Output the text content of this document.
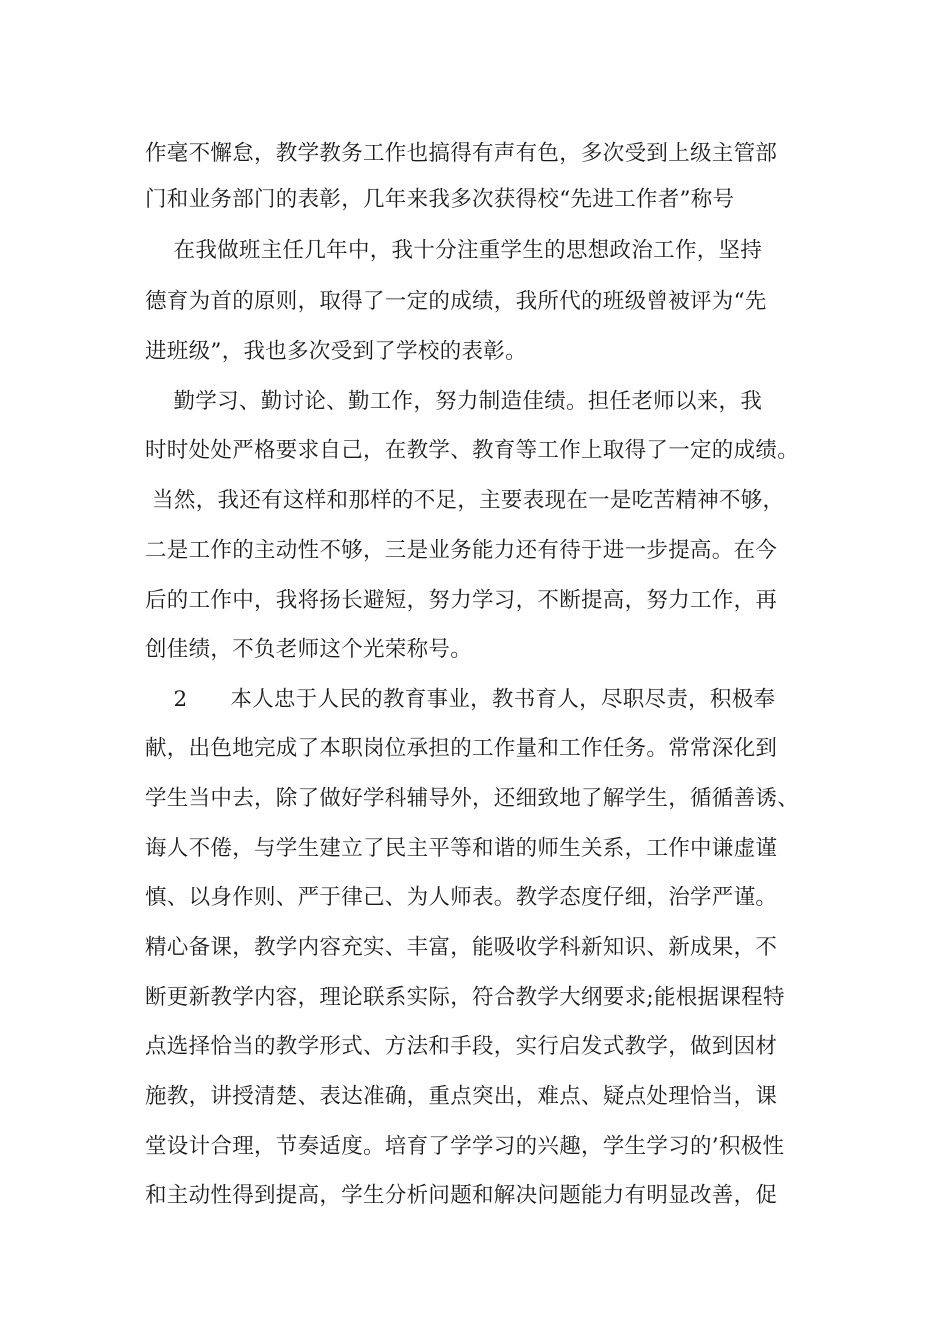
作毫不懈怠，教学教务工作也搞得有声有色，多次受到上级主管部
门和业务部门的表彰，几年来我多次获得校“先进工作者”称号
在我做班主任几年中，我十分注重学生的思想政治工作，坚持
德育为首的原则，取得了一定的成绩，我所代的班级曾被评为“先
进班级”，我也多次受到了学校的表彰。
勤学习、勤讨论、勤工作，努力制造佳绩。担任老师以来，我
时时处处严格要求自己，在教学、教育等工作上取得了一定的成绩。
当然，我还有这样和那样的不足，主要表现在一是吃苦精神不够，
二是工作的主动性不够，三是业务能力还有待于进一步提高。在今
后的工作中，我将扬长避短，努力学习，不断提高，努力工作，再
创佳绩，不负老师这个光荣称号。
2      本人忠于人民的教育事业，教书育人，尽职尽责，积极奉
献，出色地完成了本职岗位承担的工作量和工作任务。常常深化到
学生当中去，除了做好学科辅导外，还细致地了解学生，循循善诱、
诲人不倦，与学生建立了民主平等和谐的师生关系，工作中谦虚谨
慎、以身作则、严于律己、为人师表。教学态度仔细，治学严谨。
精心备课，教学内容充实、丰富，能吸收学科新知识、新成果，不
断更新教学内容，理论联系实际，符合教学大纲要求;能根据课程特
点选择恰当的教学形式、方法和手段，实行启发式教学，做到因材
施教，讲授清楚、表达准确，重点突出，难点、疑点处理恰当，课
堂设计合理，节奏适度。培育了学学习的兴趣，学生学习的’积极性
和主动性得到提高，学生分析问题和解决问题能力有明显改善，促
